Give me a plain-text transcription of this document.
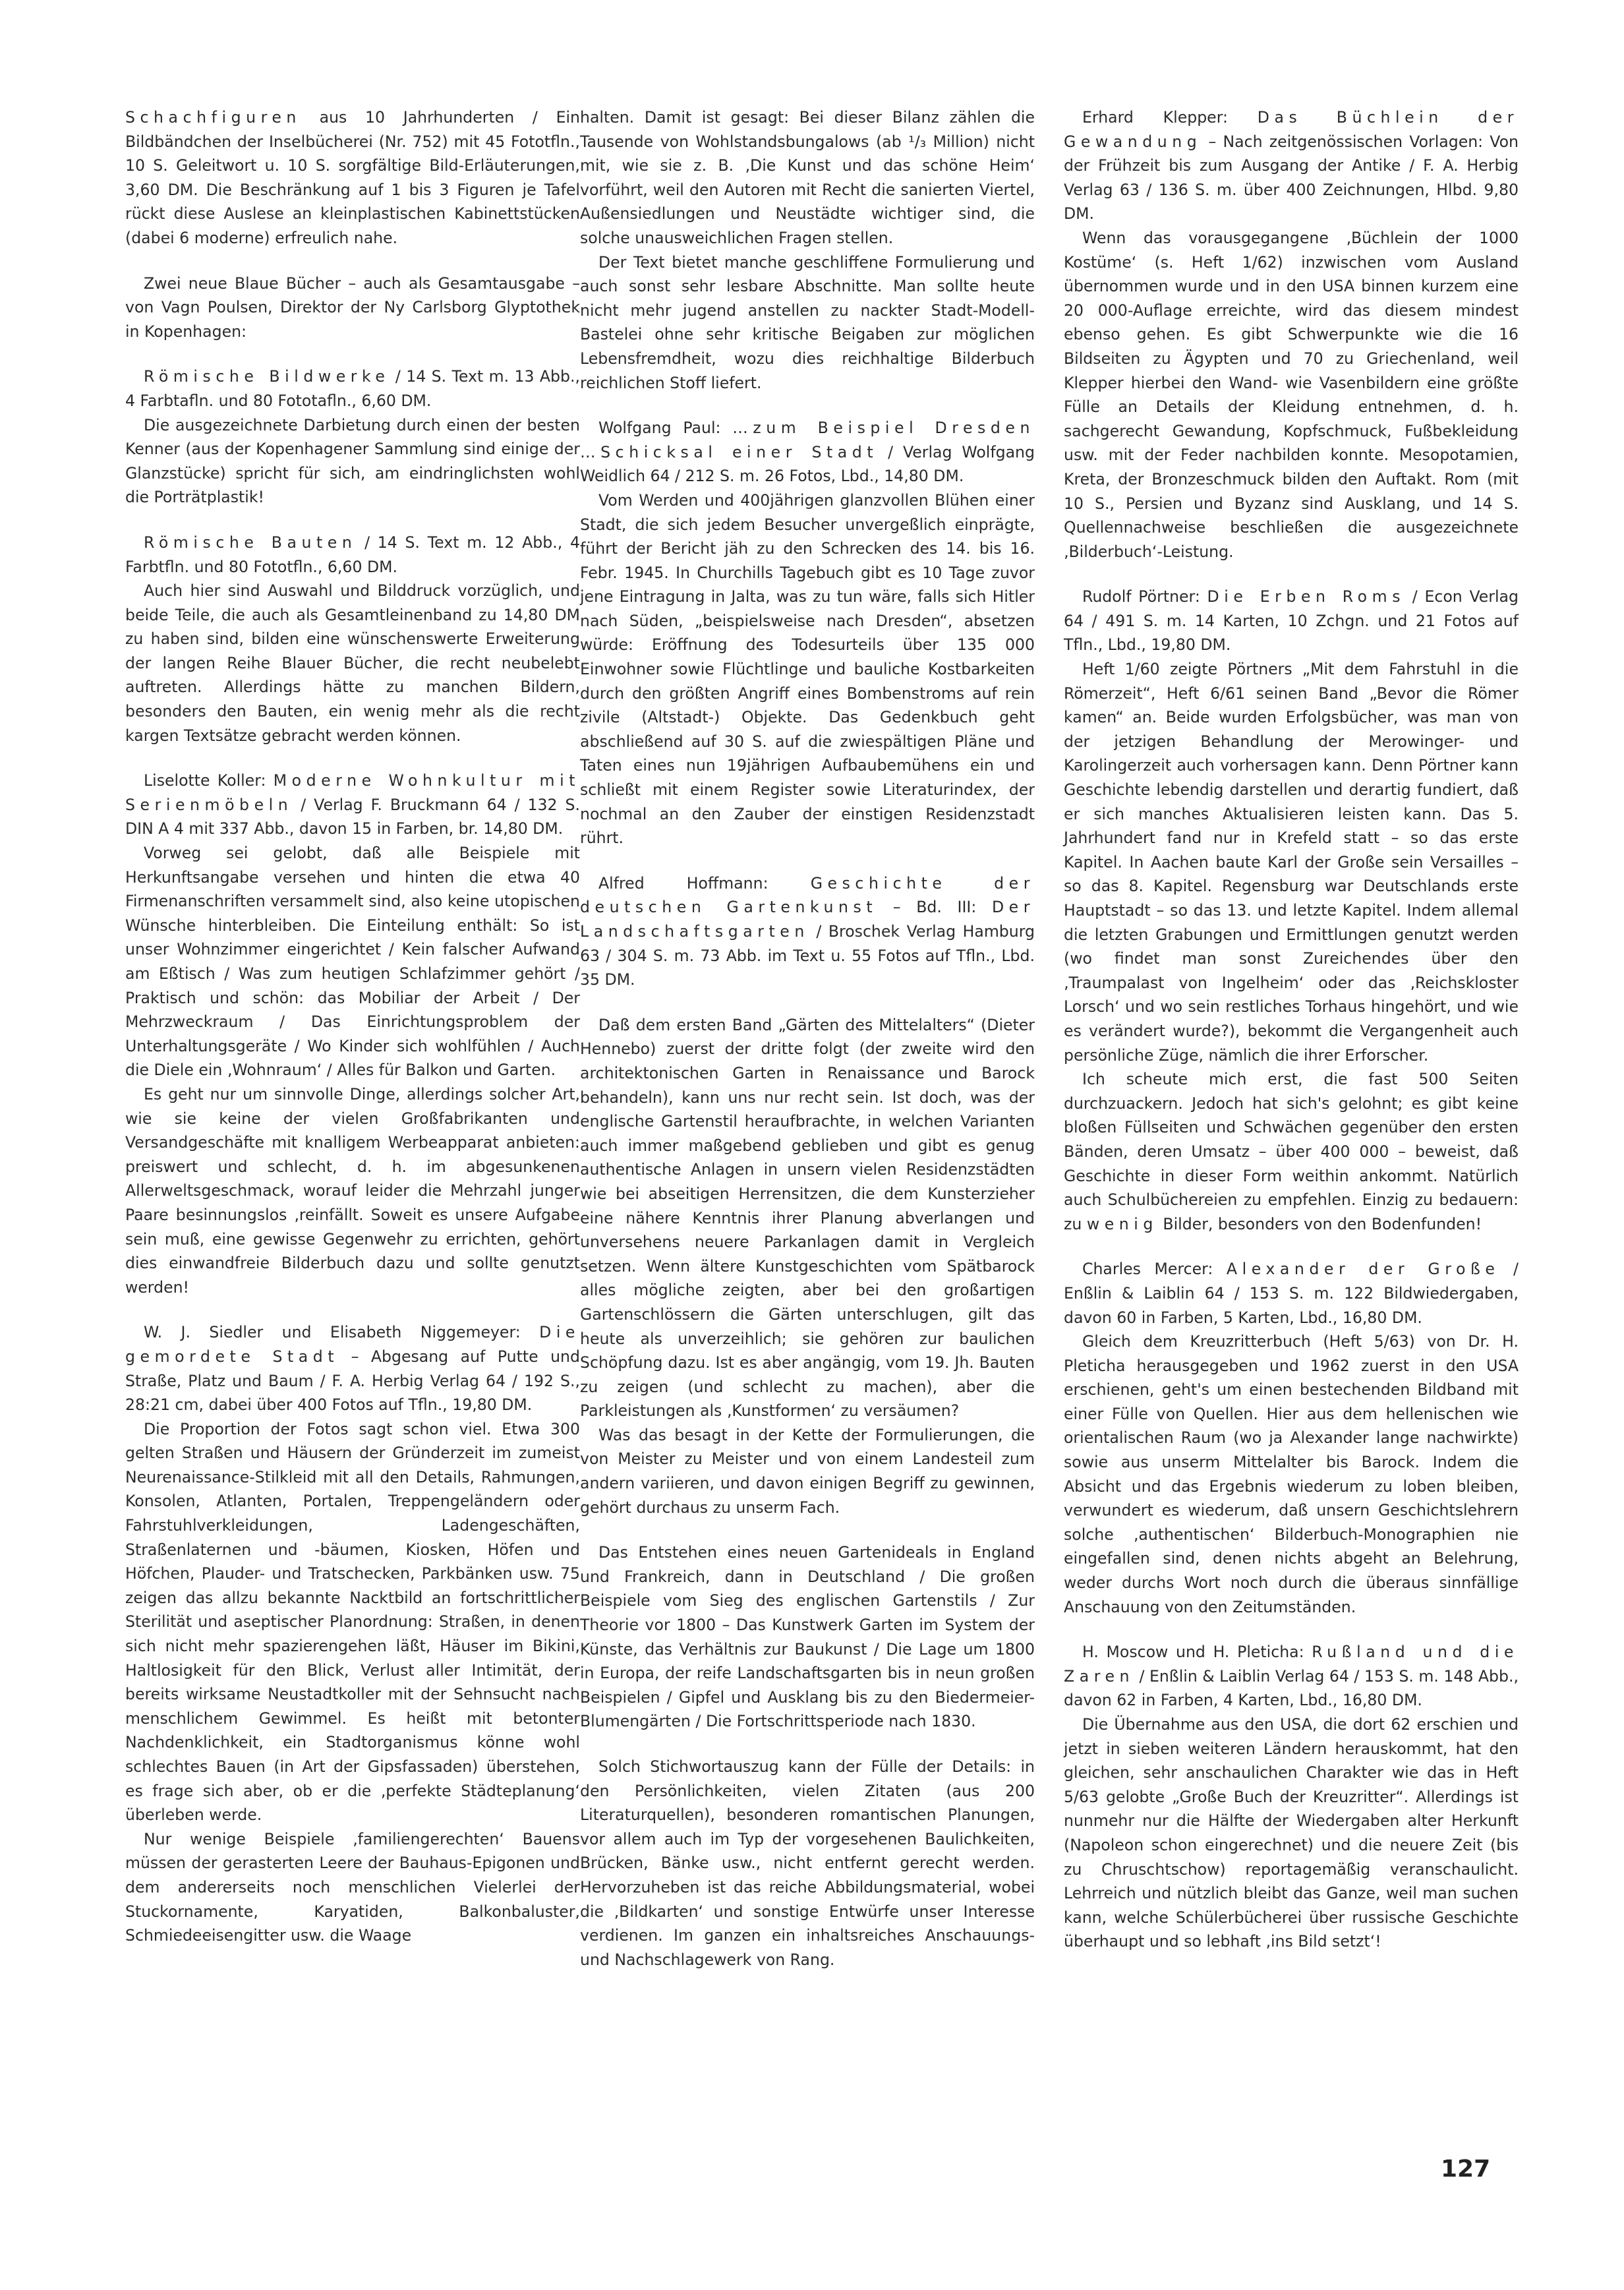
Schachfiguren aus 10 Jahrhunderten / Ein Bildbändchen der Inselbücherei (Nr. 752) mit 45 Fototfln., 10 S. Geleitwort u. 10 S. sorgfältige Bild-Erläuterungen, 3,60 DM. Die Beschränkung auf 1 bis 3 Figuren je Tafel rückt diese Auslese an kleinplastischen Kabinettstücken (dabei 6 moderne) erfreulich nahe.

Zwei neue Blaue Bücher – auch als Gesamtausgabe – von Vagn Poulsen, Direktor der Ny Carlsborg Glyptothek in Kopenhagen:

Römische Bildwerke / 14 S. Text m. 13 Abb., 4 Farbtafln. und 80 Fototafln., 6,60 DM.

Die ausgezeichnete Darbietung durch einen der besten Kenner (aus der Kopenhagener Sammlung sind einige der Glanzstücke) spricht für sich, am eindringlichsten wohl die Porträtplastik!

Römische Bauten / 14 S. Text m. 12 Abb., 4 Farbtfln. und 80 Fototfln., 6,60 DM.

Auch hier sind Auswahl und Bilddruck vorzüglich, und beide Teile, die auch als Gesamtleinenband zu 14,80 DM zu haben sind, bilden eine wünschenswerte Erweiterung der langen Reihe Blauer Bücher, die recht neubelebt auftreten. Allerdings hätte zu manchen Bildern, besonders den Bauten, ein wenig mehr als die recht kargen Textsätze gebracht werden können.

Liselotte Koller: Moderne Wohnkultur mit Serienmöbeln / Verlag F. Bruckmann 64 / 132 S. DIN A 4 mit 337 Abb., davon 15 in Farben, br. 14,80 DM.

Vorweg sei gelobt, daß alle Beispiele mit Herkunftsangabe versehen und hinten die etwa 40 Firmenanschriften versammelt sind, also keine utopischen Wünsche hinterbleiben. Die Einteilung enthält: So ist unser Wohnzimmer eingerichtet / Kein falscher Aufwand am Eßtisch / Was zum heutigen Schlafzimmer gehört / Praktisch und schön: das Mobiliar der Arbeit / Der Mehrzweckraum / Das Einrichtungsproblem der Unterhaltungsgeräte / Wo Kinder sich wohlfühlen / Auch die Diele ein ‚Wohnraum‘ / Alles für Balkon und Garten.

Es geht nur um sinnvolle Dinge, allerdings solcher Art, wie sie keine der vielen Großfabrikanten und Versandgeschäfte mit knalligem Werbeapparat anbieten: preiswert und schlecht, d. h. im abgesunkenen Allerweltsgeschmack, worauf leider die Mehrzahl junger Paare besinnungslos ‚reinfällt. Soweit es unsere Aufgabe sein muß, eine gewisse Gegenwehr zu errichten, gehört dies einwandfreie Bilderbuch dazu und sollte genutzt werden!

W. J. Siedler und Elisabeth Niggemeyer: Die gemordete Stadt – Abgesang auf Putte und Straße, Platz und Baum / F. A. Herbig Verlag 64 / 192 S., 28:21 cm, dabei über 400 Fotos auf Tfln., 19,80 DM.

Die Proportion der Fotos sagt schon viel. Etwa 300 gelten Straßen und Häusern der Gründerzeit im zumeist Neurenaissance-Stilkleid mit all den Details, Rahmungen, Konsolen, Atlanten, Portalen, Treppengeländern oder Fahrstuhlverkleidungen, Ladengeschäften, Straßenlaternen und -bäumen, Kiosken, Höfen und Höfchen, Plauder- und Tratschecken, Parkbänken usw. 75 zeigen das allzu bekannte Nacktbild an fortschrittlicher Sterilität und aseptischer Planordnung: Straßen, in denen sich nicht mehr spazierengehen läßt, Häuser im Bikini, Haltlosigkeit für den Blick, Verlust aller Intimität, der bereits wirksame Neustadtkoller mit der Sehnsucht nach menschlichem Gewimmel. Es heißt mit betonter Nachdenklichkeit, ein Stadtorganismus könne wohl schlechtes Bauen (in Art der Gipsfassaden) überstehen, es frage sich aber, ob er die ‚perfekte Städteplanung‘ überleben werde.

Nur wenige Beispiele ‚familiengerechten‘ Bauens müssen der gerasterten Leere der Bauhaus-Epigonen und dem andererseits noch menschlichen Vielerlei der Stuckornamente, Karyatiden, Balkonbaluster, Schmiedeeisengitter usw. die Waage

halten. Damit ist gesagt: Bei dieser Bilanz zählen die Tausende von Wohlstandsbungalows (ab ¹/₃ Million) nicht mit, wie sie z. B. ‚Die Kunst und das schöne Heim‘ vorführt, weil den Autoren mit Recht die sanierten Viertel, Außensiedlungen und Neustädte wichtiger sind, die solche unausweichlichen Fragen stellen.

Der Text bietet manche geschliffene Formulierung und auch sonst sehr lesbare Abschnitte. Man sollte heute nicht mehr jugend anstellen zu nackter Stadt-Modell-Bastelei ohne sehr kritische Beigaben zur möglichen Lebensfremdheit, wozu dies reichhaltige Bilderbuch reichlichen Stoff liefert.

Wolfgang Paul: …zum Beispiel Dresden …Schicksal einer Stadt / Verlag Wolfgang Weidlich 64 / 212 S. m. 26 Fotos, Lbd., 14,80 DM.

Vom Werden und 400jährigen glanzvollen Blühen einer Stadt, die sich jedem Besucher unvergeßlich einprägte, führt der Bericht jäh zu den Schrecken des 14. bis 16. Febr. 1945. In Churchills Tagebuch gibt es 10 Tage zuvor jene Eintragung in Jalta, was zu tun wäre, falls sich Hitler nach Süden, „beispielsweise nach Dresden“, absetzen würde: Eröffnung des Todesurteils über 135 000 Einwohner sowie Flüchtlinge und bauliche Kostbarkeiten durch den größten Angriff eines Bombenstroms auf rein zivile (Altstadt-) Objekte. Das Gedenkbuch geht abschließend auf 30 S. auf die zwiespältigen Pläne und Taten eines nun 19jährigen Aufbaubemühens ein und schließt mit einem Register sowie Literaturindex, der nochmal an den Zauber der einstigen Residenzstadt rührt.

Alfred Hoffmann: Geschichte der deutschen Gartenkunst – Bd. III: Der Landschaftsgarten / Broschek Verlag Hamburg 63 / 304 S. m. 73 Abb. im Text u. 55 Fotos auf Tfln., Lbd. 35 DM.

Daß dem ersten Band „Gärten des Mittelalters“ (Dieter Hennebo) zuerst der dritte folgt (der zweite wird den architektonischen Garten in Renaissance und Barock behandeln), kann uns nur recht sein. Ist doch, was der englische Gartenstil heraufbrachte, in welchen Varianten auch immer maßgebend geblieben und gibt es genug authentische Anlagen in unsern vielen Residenzstädten wie bei abseitigen Herrensitzen, die dem Kunsterzieher eine nähere Kenntnis ihrer Planung abverlangen und unversehens neuere Parkanlagen damit in Vergleich setzen. Wenn ältere Kunstgeschichten vom Spätbarock alles mögliche zeigten, aber bei den großartigen Gartenschlössern die Gärten unterschlugen, gilt das heute als unverzeihlich; sie gehören zur baulichen Schöpfung dazu. Ist es aber angängig, vom 19. Jh. Bauten zu zeigen (und schlecht zu machen), aber die Parkleistungen als ‚Kunstformen‘ zu versäumen?

Was das besagt in der Kette der Formulierungen, die von Meister zu Meister und von einem Landesteil zum andern variieren, und davon einigen Begriff zu gewinnen, gehört durchaus zu unserm Fach.

Das Entstehen eines neuen Gartenideals in England und Frankreich, dann in Deutschland / Die großen Beispiele vom Sieg des englischen Gartenstils / Zur Theorie vor 1800 – Das Kunstwerk Garten im System der Künste, das Verhältnis zur Baukunst / Die Lage um 1800 in Europa, der reife Landschaftsgarten bis in neun großen Beispielen / Gipfel und Ausklang bis zu den Biedermeier-Blumengärten / Die Fortschrittsperiode nach 1830.

Solch Stichwortauszug kann der Fülle der Details: in den Persönlichkeiten, vielen Zitaten (aus 200 Literaturquellen), besonderen romantischen Planungen, vor allem auch im Typ der vorgesehenen Baulichkeiten, Brücken, Bänke usw., nicht entfernt gerecht werden. Hervorzuheben ist das reiche Abbildungsmaterial, wobei die ‚Bildkarten‘ und sonstige Entwürfe unser Interesse verdienen. Im ganzen ein inhaltsreiches Anschauungs- und Nachschlagewerk von Rang.

Erhard Klepper: Das Büchlein der Gewandung – Nach zeitgenössischen Vorlagen: Von der Frühzeit bis zum Ausgang der Antike / F. A. Herbig Verlag 63 / 136 S. m. über 400 Zeichnungen, Hlbd. 9,80 DM.

Wenn das vorausgegangene ‚Büchlein der 1000 Kostüme‘ (s. Heft 1/62) inzwischen vom Ausland übernommen wurde und in den USA binnen kurzem eine 20 000-Auflage erreichte, wird das diesem mindest ebenso gehen. Es gibt Schwerpunkte wie die 16 Bildseiten zu Ägypten und 70 zu Griechenland, weil Klepper hierbei den Wand- wie Vasenbildern eine größte Fülle an Details der Kleidung entnehmen, d. h. sachgerecht Gewandung, Kopfschmuck, Fußbekleidung usw. mit der Feder nachbilden konnte. Mesopotamien, Kreta, der Bronzeschmuck bilden den Auftakt. Rom (mit 10 S., Persien und Byzanz sind Ausklang, und 14 S. Quellennachweise beschließen die ausgezeichnete ‚Bilderbuch‘-Leistung.

Rudolf Pörtner: Die Erben Roms / Econ Verlag 64 / 491 S. m. 14 Karten, 10 Zchgn. und 21 Fotos auf Tfln., Lbd., 19,80 DM.

Heft 1/60 zeigte Pörtners „Mit dem Fahrstuhl in die Römerzeit“, Heft 6/61 seinen Band „Bevor die Römer kamen“ an. Beide wurden Erfolgsbücher, was man von der jetzigen Behandlung der Merowinger- und Karolingerzeit auch vorhersagen kann. Denn Pörtner kann Geschichte lebendig darstellen und derartig fundiert, daß er sich manches Aktualisieren leisten kann. Das 5. Jahrhundert fand nur in Krefeld statt – so das erste Kapitel. In Aachen baute Karl der Große sein Versailles – so das 8. Kapitel. Regensburg war Deutschlands erste Hauptstadt – so das 13. und letzte Kapitel. Indem allemal die letzten Grabungen und Ermittlungen genutzt werden (wo findet man sonst Zureichendes über den ‚Traumpalast von Ingelheim‘ oder das ‚Reichskloster Lorsch‘ und wo sein restliches Torhaus hingehört, und wie es verändert wurde?), bekommt die Vergangenheit auch persönliche Züge, nämlich die ihrer Erforscher.

Ich scheute mich erst, die fast 500 Seiten durchzuackern. Jedoch hat sich's gelohnt; es gibt keine bloßen Füllseiten und Schwächen gegenüber den ersten Bänden, deren Umsatz – über 400 000 – beweist, daß Geschichte in dieser Form weithin ankommt. Natürlich auch Schulbüchereien zu empfehlen. Einzig zu bedauern: zu wenig Bilder, besonders von den Bodenfunden!

Charles Mercer: Alexander der Große / Enßlin & Laiblin 64 / 153 S. m. 122 Bildwiedergaben, davon 60 in Farben, 5 Karten, Lbd., 16,80 DM.

Gleich dem Kreuzritterbuch (Heft 5/63) von Dr. H. Pleticha herausgegeben und 1962 zuerst in den USA erschienen, geht's um einen bestechenden Bildband mit einer Fülle von Quellen. Hier aus dem hellenischen wie orientalischen Raum (wo ja Alexander lange nachwirkte) sowie aus unserm Mittelalter bis Barock. Indem die Absicht und das Ergebnis wiederum zu loben bleiben, verwundert es wiederum, daß unsern Geschichtslehrern solche ‚authentischen‘ Bilderbuch-Monographien nie eingefallen sind, denen nichts abgeht an Belehrung, weder durchs Wort noch durch die überaus sinnfällige Anschauung von den Zeitumständen.

H. Moscow und H. Pleticha: Rußland und die Zaren / Enßlin & Laiblin Verlag 64 / 153 S. m. 148 Abb., davon 62 in Farben, 4 Karten, Lbd., 16,80 DM.

Die Übernahme aus den USA, die dort 62 erschien und jetzt in sieben weiteren Ländern herauskommt, hat den gleichen, sehr anschaulichen Charakter wie das in Heft 5/63 gelobte „Große Buch der Kreuzritter“. Allerdings ist nunmehr nur die Hälfte der Wiedergaben alter Herkunft (Napoleon schon eingerechnet) und die neuere Zeit (bis zu Chruschtschow) reportagemäßig veranschaulicht. Lehrreich und nützlich bleibt das Ganze, weil man suchen kann, welche Schülerbücherei über russische Geschichte überhaupt und so lebhaft ‚ins Bild setzt‘!

127
